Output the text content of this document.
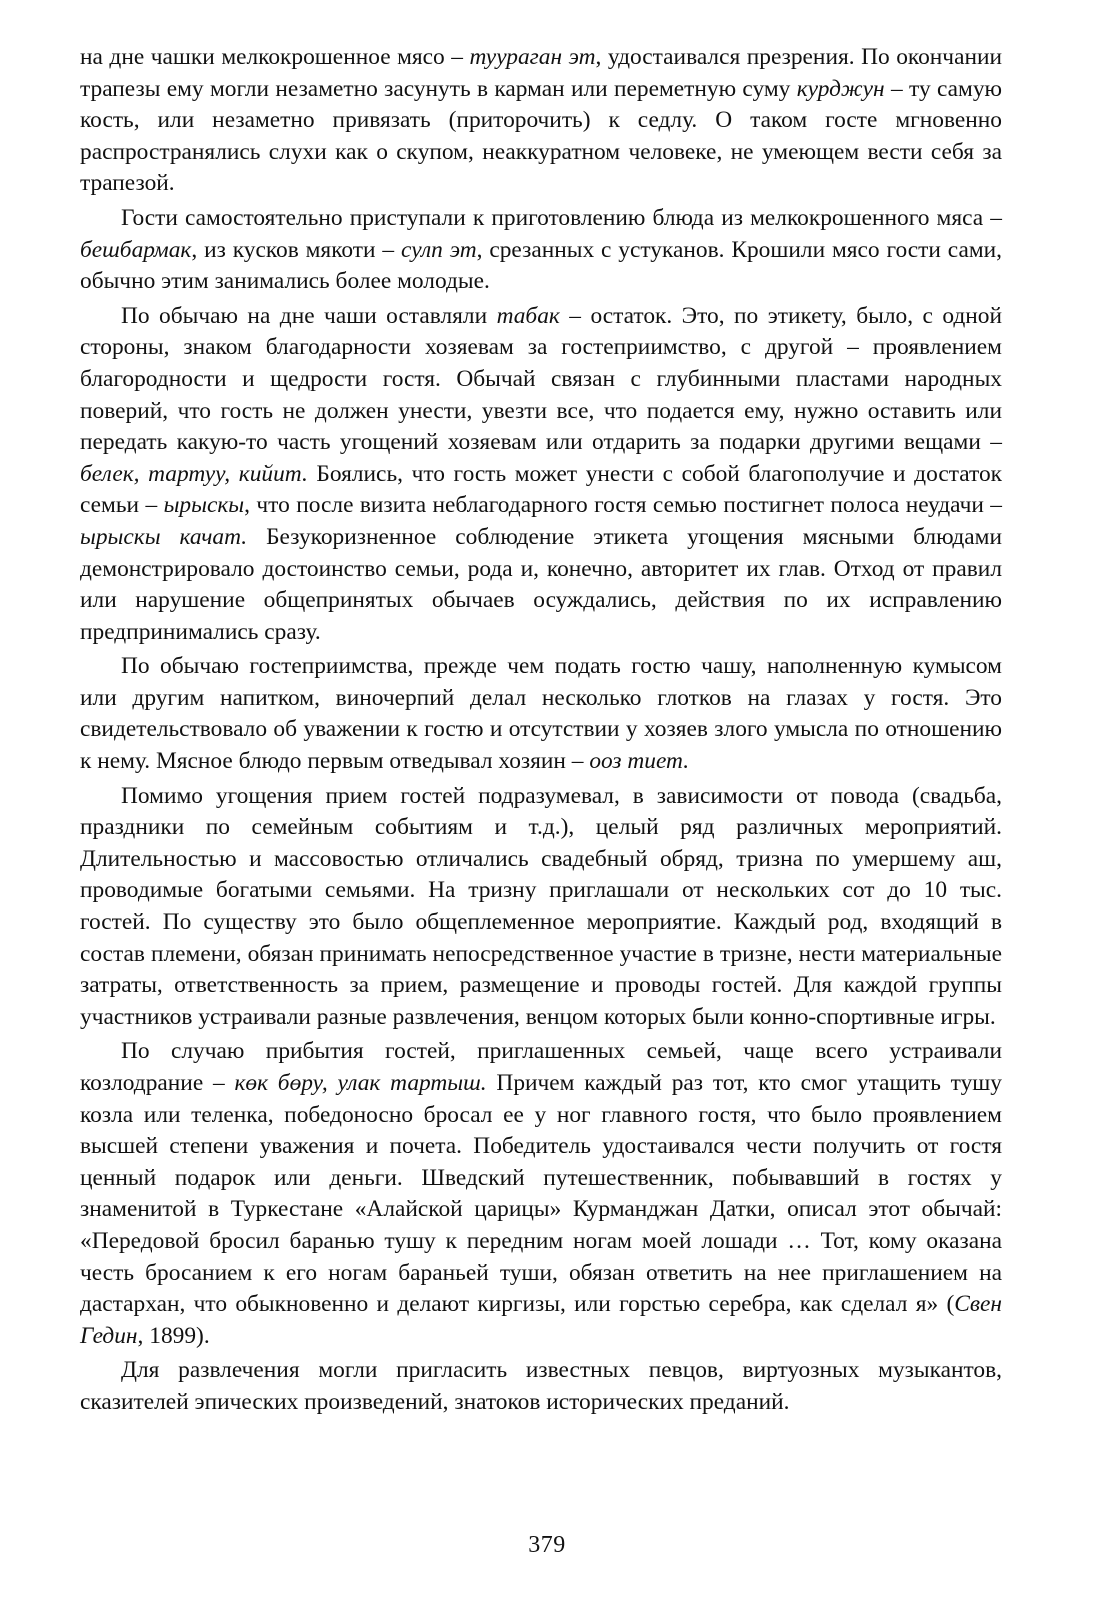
на дне чашки мелкокрошенное мясо – туураган эт, удостаивался презрения. По окончании трапезы ему могли незаметно засунуть в карман или переметную суму курджун – ту самую кость, или незаметно привязать (приторочить) к седлу. О таком госте мгновенно распространялись слухи как о скупом, неаккуратном человеке, не умеющем вести себя за трапезой.

Гости самостоятельно приступали к приготовлению блюда из мелкокрошенного мяса – бешбармак, из кусков мякоти – сулп эт, срезанных с устуканов. Крошили мясо гости сами, обычно этим занимались более молодые.

По обычаю на дне чаши оставляли табак – остаток. Это, по этикету, было, с одной стороны, знаком благодарности хозяевам за гостеприимство, с другой – проявлением благородности и щедрости гостя. Обычай связан с глубинными пластами народных поверий, что гость не должен унести, увезти все, что подается ему, нужно оставить или передать какую-то часть угощений хозяевам или отдарить за подарки другими вещами – белек, тартуу, кийит. Боялись, что гость может унести с собой благополучие и достаток семьи – ырыскы, что после визита неблагодарного гостя семью постигнет полоса неудачи – ырыскы качат. Безукоризненное соблюдение этикета угощения мясными блюдами демонстрировало достоинство семьи, рода и, конечно, авторитет их глав. Отход от правил или нарушение общепринятых обычаев осуждались, действия по их исправлению предпринимались сразу.

По обычаю гостеприимства, прежде чем подать гостю чашу, наполненную кумысом или другим напитком, виночерпий делал несколько глотков на глазах у гостя. Это свидетельствовало об уважении к гостю и отсутствии у хозяев злого умысла по отношению к нему. Мясное блюдо первым отведывал хозяин – ооз тиет.

Помимо угощения прием гостей подразумевал, в зависимости от повода (свадьба, праздники по семейным событиям и т.д.), целый ряд различных мероприятий. Длительностью и массовостью отличались свадебный обряд, тризна по умершему аш, проводимые богатыми семьями. На тризну приглашали от нескольких сот до 10 тыс. гостей. По существу это было общеплеменное мероприятие. Каждый род, входящий в состав племени, обязан принимать непосредственное участие в тризне, нести материальные затраты, ответственность за прием, размещение и проводы гостей. Для каждой группы участников устраивали разные развлечения, венцом которых были конно-спортивные игры.

По случаю прибытия гостей, приглашенных семьей, чаще всего устраивали козлодрание – көк бөру, улак тартыш. Причем каждый раз тот, кто смог утащить тушу козла или теленка, победоносно бросал ее у ног главного гостя, что было проявлением высшей степени уважения и почета. Победитель удостаивался чести получить от гостя ценный подарок или деньги. Шведский путешественник, побывавший в гостях у знаменитой в Туркестане «Алайской царицы» Курманджан Датки, описал этот обычай: «Передовой бросил баранью тушу к передним ногам моей лошади … Тот, кому оказана честь бросанием к его ногам бараньей туши, обязан ответить на нее приглашением на дастархан, что обыкновенно и делают киргизы, или горстью серебра, как сделал я» (Свен Гедин, 1899).

Для развлечения могли пригласить известных певцов, виртуозных музыкантов, сказителей эпических произведений, знатоков исторических преданий.

379
